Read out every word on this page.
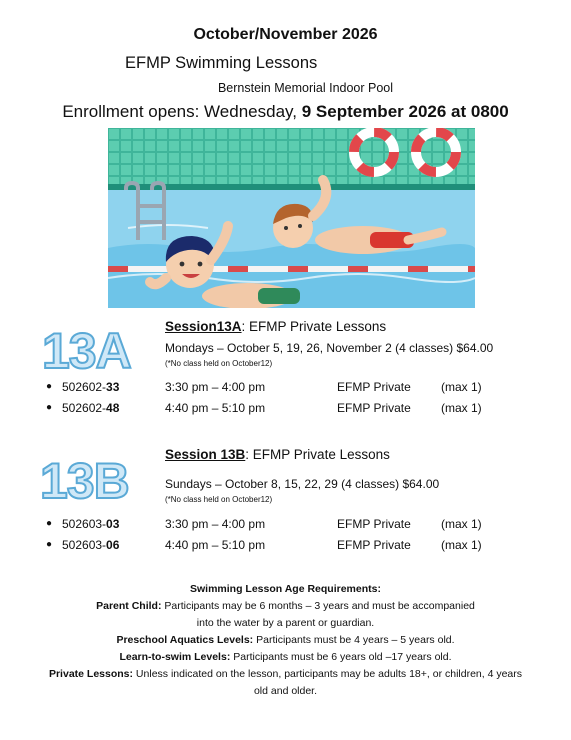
October/November 2026
EFMP Swimming Lessons
Bernstein Memorial Indoor Pool
Enrollment opens: Wednesday, 9 September 2026 at 0800
13A	Session13A: EFMP Private Lessons
Mondays – October 5, 19, 26, November 2 (4 classes) $64.00
(*No class held on October12)
● 502602-33	3:30 pm – 4:00 pm	EFMP Private	(max 1)
● 502602-48	4:40 pm – 5:10 pm	EFMP Private	(max 1)
13B	Session 13B: EFMP Private Lessons
Sundays – October 8, 15, 22, 29 (4 classes) $64.00
(*No class held on October12)
● 502603-03	3:30 pm – 4:00 pm	EFMP Private	(max 1)
● 502603-06	4:40 pm – 5:10 pm	EFMP Private	(max 1)
Swimming Lesson Age Requirements:
Parent Child: Participants may be 6 months – 3 years and must be accompanied
into the water by a parent or guardian.
Preschool Aquatics Levels: Participants must be 4 years – 5 years old.
Learn-to-swim Levels: Participants must be 6 years old –17 years old.
Private Lessons: Unless indicated on the lesson, participants may be adults 18+, or children, 4 years
old and older.
